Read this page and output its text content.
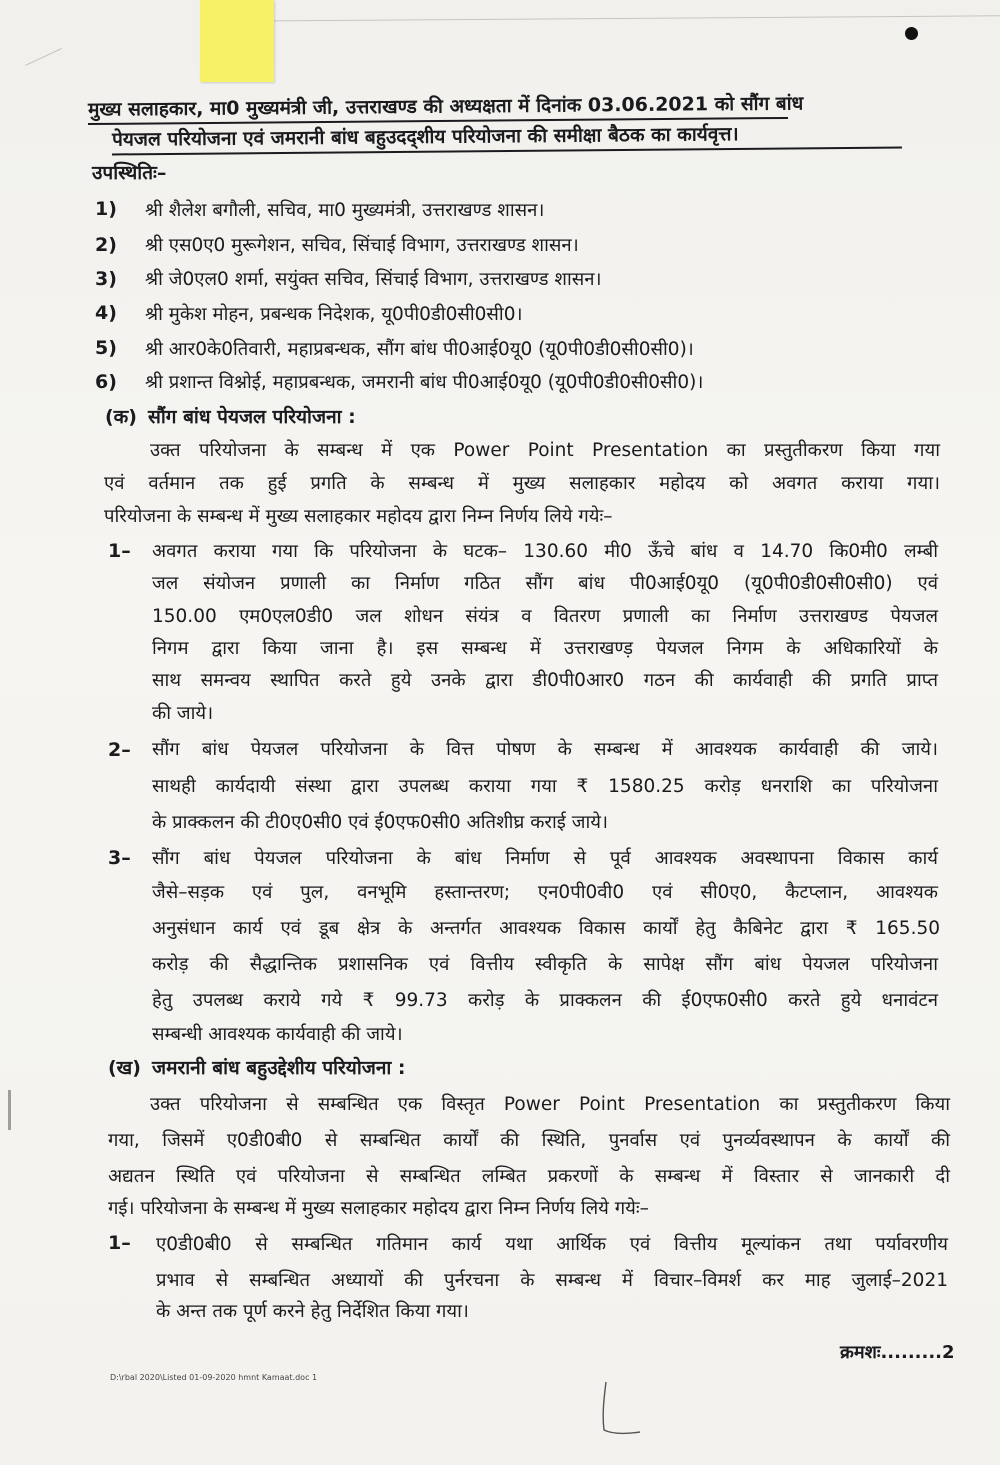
मुख्य सलाहकार, मा0 मुख्यमंत्री जी, उत्तराखण्ड की अध्यक्षता में दिनांक 03.06.2021 को सौंग बांध
पेयजल परियोजना एवं जमरानी बांध बहुउदद्शीय परियोजना की समीक्षा बैठक का कार्यवृत्त।
उपस्थितिः–
1) श्री शैलेश बगौली, सचिव, मा0 मुख्यमंत्री, उत्तराखण्ड शासन।
2) श्री एस0ए0 मुरूगेशन, सचिव, सिंचाई विभाग, उत्तराखण्ड शासन।
3) श्री जे0एल0 शर्मा, सयुंक्त सचिव, सिंचाई विभाग, उत्तराखण्ड शासन।
4) श्री मुकेश मोहन, प्रबन्धक निदेशक, यू0पी0डी0सी0सी0।
5) श्री आर0के0तिवारी, महाप्रबन्धक, सौंग बांध पी0आई0यू0 (यू0पी0डी0सी0सी0)।
6) श्री प्रशान्त विश्नोई, महाप्रबन्धक, जमरानी बांध पी0आई0यू0 (यू0पी0डी0सी0सी0)।
(क) सौंग बांध पेयजल परियोजना :
उक्त परियोजना के सम्बन्ध में एक Power Point Presentation का प्रस्तुतीकरण किया गया
एवं वर्तमान तक हुई प्रगति के सम्बन्ध में मुख्य सलाहकार महोदय को अवगत कराया गया।
परियोजना के सम्बन्ध में मुख्य सलाहकार महोदय द्वारा निम्न निर्णय लिये गयेः–
1– अवगत कराया गया कि परियोजना के घटक– 130.60 मी0 ऊँचे बांध व 14.70 कि0मी0 लम्बी
जल संयोजन प्रणाली का निर्माण गठित सौंग बांध पी0आई0यू0 (यू0पी0डी0सी0सी0) एवं
150.00 एम0एल0डी0 जल शोधन संयंत्र व वितरण प्रणाली का निर्माण उत्तराखण्ड पेयजल
निगम द्वारा किया जाना है। इस सम्बन्ध में उत्तराखण्ड़ पेयजल निगम के अधिकारियों के
साथ समन्वय स्थापित करते हुये उनके द्वारा डी0पी0आर0 गठन की कार्यवाही की प्रगति प्राप्त
की जाये।
2– सौंग बांध पेयजल परियोजना के वित्त पोषण के सम्बन्ध में आवश्यक कार्यवाही की जाये।
साथही कार्यदायी संस्था द्वारा उपलब्ध कराया गया ₹ 1580.25 करोड़ धनराशि का परियोजना
के प्राक्कलन की टी0ए0सी0 एवं ई0एफ0सी0 अतिशीघ्र कराई जाये।
3– सौंग बांध पेयजल परियोजना के बांध निर्माण से पूर्व आवश्यक अवस्थापना विकास कार्य
जैसे–सड़क एवं पुल, वनभूमि हस्तान्तरण; एन0पी0वी0 एवं सी0ए0, कैटप्लान, आवश्यक
अनुसंधान कार्य एवं डूब क्षेत्र के अन्तर्गत आवश्यक विकास कार्यों हेतु कैबिनेट द्वारा ₹ 165.50
करोड़ की सैद्धान्तिक प्रशासनिक एवं वित्तीय स्वीकृति के सापेक्ष सौंग बांध पेयजल परियोजना
हेतु उपलब्ध कराये गये ₹ 99.73 करोड़ के प्राक्कलन की ई0एफ0सी0 करते हुये धनावंटन
सम्बन्धी आवश्यक कार्यवाही की जाये।
(ख) जमरानी बांध बहुउद्देशीय परियोजना :
उक्त परियोजना से सम्बन्धित एक विस्तृत Power Point Presentation का प्रस्तुतीकरण किया
गया, जिसमें ए0डी0बी0 से सम्बन्धित कार्यों की स्थिति, पुनर्वास एवं पुनर्व्यवस्थापन के कार्यों की
अद्यतन स्थिति एवं परियोजना से सम्बन्धित लम्बित प्रकरणों के सम्बन्ध में विस्तार से जानकारी दी
गई। परियोजना के सम्बन्ध में मुख्य सलाहकार महोदय द्वारा निम्न निर्णय लिये गयेः–
1– ए0डी0बी0 से सम्बन्धित गतिमान कार्य यथा आर्थिक एवं वित्तीय मूल्यांकन तथा पर्यावरणीय
प्रभाव से सम्बन्धित अध्यायों की पुर्नरचना के सम्बन्ध में विचार–विमर्श कर माह जुलाई–2021
के अन्त तक पूर्ण करने हेतु निर्देशित किया गया।
क्रमशः.........2
D:\rbal 2020\Listed 01-09-2020 hmnt Kamaat.doc 1
